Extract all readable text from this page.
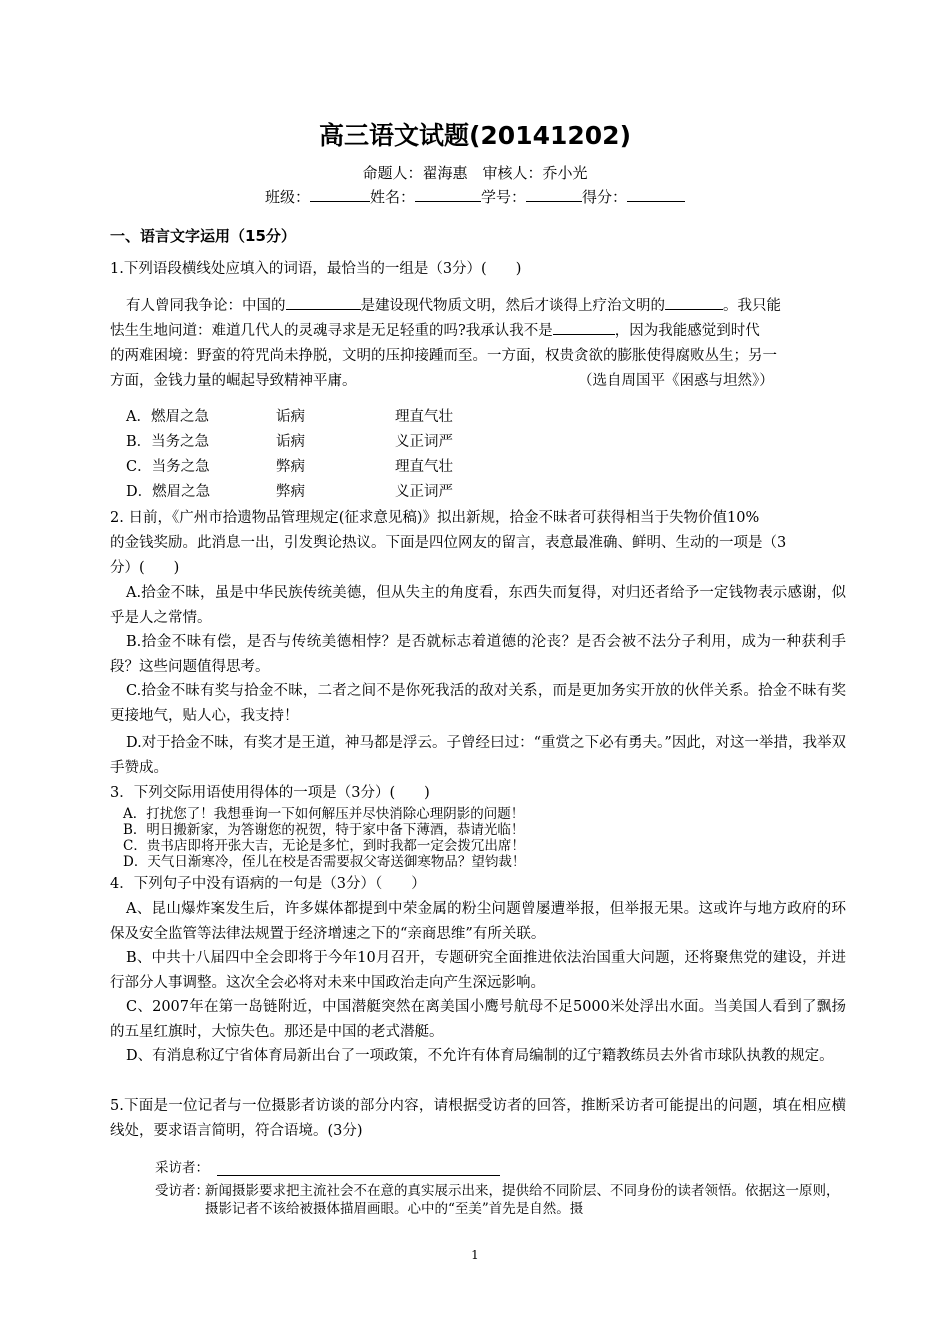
高三语文试题(20141202)
命题人：翟海惠　审核人：乔小光
班级：	姓名：	学号：	得分：
一、语言文字运用（15分）
1.下列语段横线处应填入的词语，最恰当的一组是（3分）(　　)
有人曾同我争论：中国的	是建设现代物质文明，然后才谈得上疗治文明的	。我只能
怯生生地问道：难道几代人的灵魂寻求是无足轻重的吗?我承认我不是	，因为我能感觉到时代
的两难困境：野蛮的符咒尚未挣脱，文明的压抑接踵而至。一方面，权贵贪欲的膨胀使得腐败丛生；另一
方面，金钱力量的崛起导致精神平庸。	（选自周国平《困惑与坦然》）
A．燃眉之急	诟病	理直气壮
B．当务之急	诟病	义正词严
C．当务之急	弊病	理直气壮
D．燃眉之急	弊病	义正词严
2. 日前，《广州市拾遗物品管理规定(征求意见稿)》拟出新规，拾金不昧者可获得相当于失物价值10%
的金钱奖励。此消息一出，引发舆论热议。下面是四位网友的留言，表意最准确、鲜明、生动的一项是（3
分）(　　)
A.拾金不昧，虽是中华民族传统美德，但从失主的角度看，东西失而复得，对归还者给予一定钱物表示感谢，似乎是人之常情。
B.拾金不昧有偿，是否与传统美德相悖？是否就标志着道德的沦丧？是否会被不法分子利用，成为一种获利手段？这些问题值得思考。
C.拾金不昧有奖与拾金不昧，二者之间不是你死我活的敌对关系，而是更加务实开放的伙伴关系。拾金不昧有奖更接地气，贴人心，我支持！
D.对于拾金不昧，有奖才是王道，神马都是浮云。子曾经曰过：“重赏之下必有勇夫。”因此，对这一举措，我举双手赞成。
3．下列交际用语使用得体的一项是（3分）(　　)
A．打扰您了！我想垂询一下如何解压并尽快消除心理阴影的问题！
B．明日搬新家，为答谢您的祝贺，特于家中备下薄酒，恭请光临！
C．贵书店即将开张大吉，无论是多忙，到时我都一定会拨冗出席！
D．天气日渐寒冷，侄儿在校是否需要叔父寄送御寒物品？望钧裁！
4．下列句子中没有语病的一句是（3分）（　　）
A、昆山爆炸案发生后，许多媒体都提到中荣金属的粉尘问题曾屡遭举报，但举报无果。这或许与地方政府的环保及安全监管等法律法规置于经济增速之下的“亲商思维”有所关联。
B、中共十八届四中全会即将于今年10月召开，专题研究全面推进依法治国重大问题，还将聚焦党的建设，并进行部分人事调整。这次全会必将对未来中国政治走向产生深远影响。
C、2007年在第一岛链附近，中国潜艇突然在离美国小鹰号航母不足5000米处浮出水面。当美国人看到了飘扬的五星红旗时，大惊失色。那还是中国的老式潜艇。
D、有消息称辽宁省体育局新出台了一项政策，不允许有体育局编制的辽宁籍教练员去外省市球队执教的规定。
5.下面是一位记者与一位摄影者访谈的部分内容，请根据受访者的回答，推断采访者可能提出的问题，填在相应横线处，要求语言简明，符合语境。(3分)
采访者：
受访者：
新闻摄影要求把主流社会不在意的真实展示出来，提供给不同阶层、不同身份的读者领悟。依据这一原则，摄影记者不该给被摄体描眉画眼。心中的“至美”首先是自然。摄
1
